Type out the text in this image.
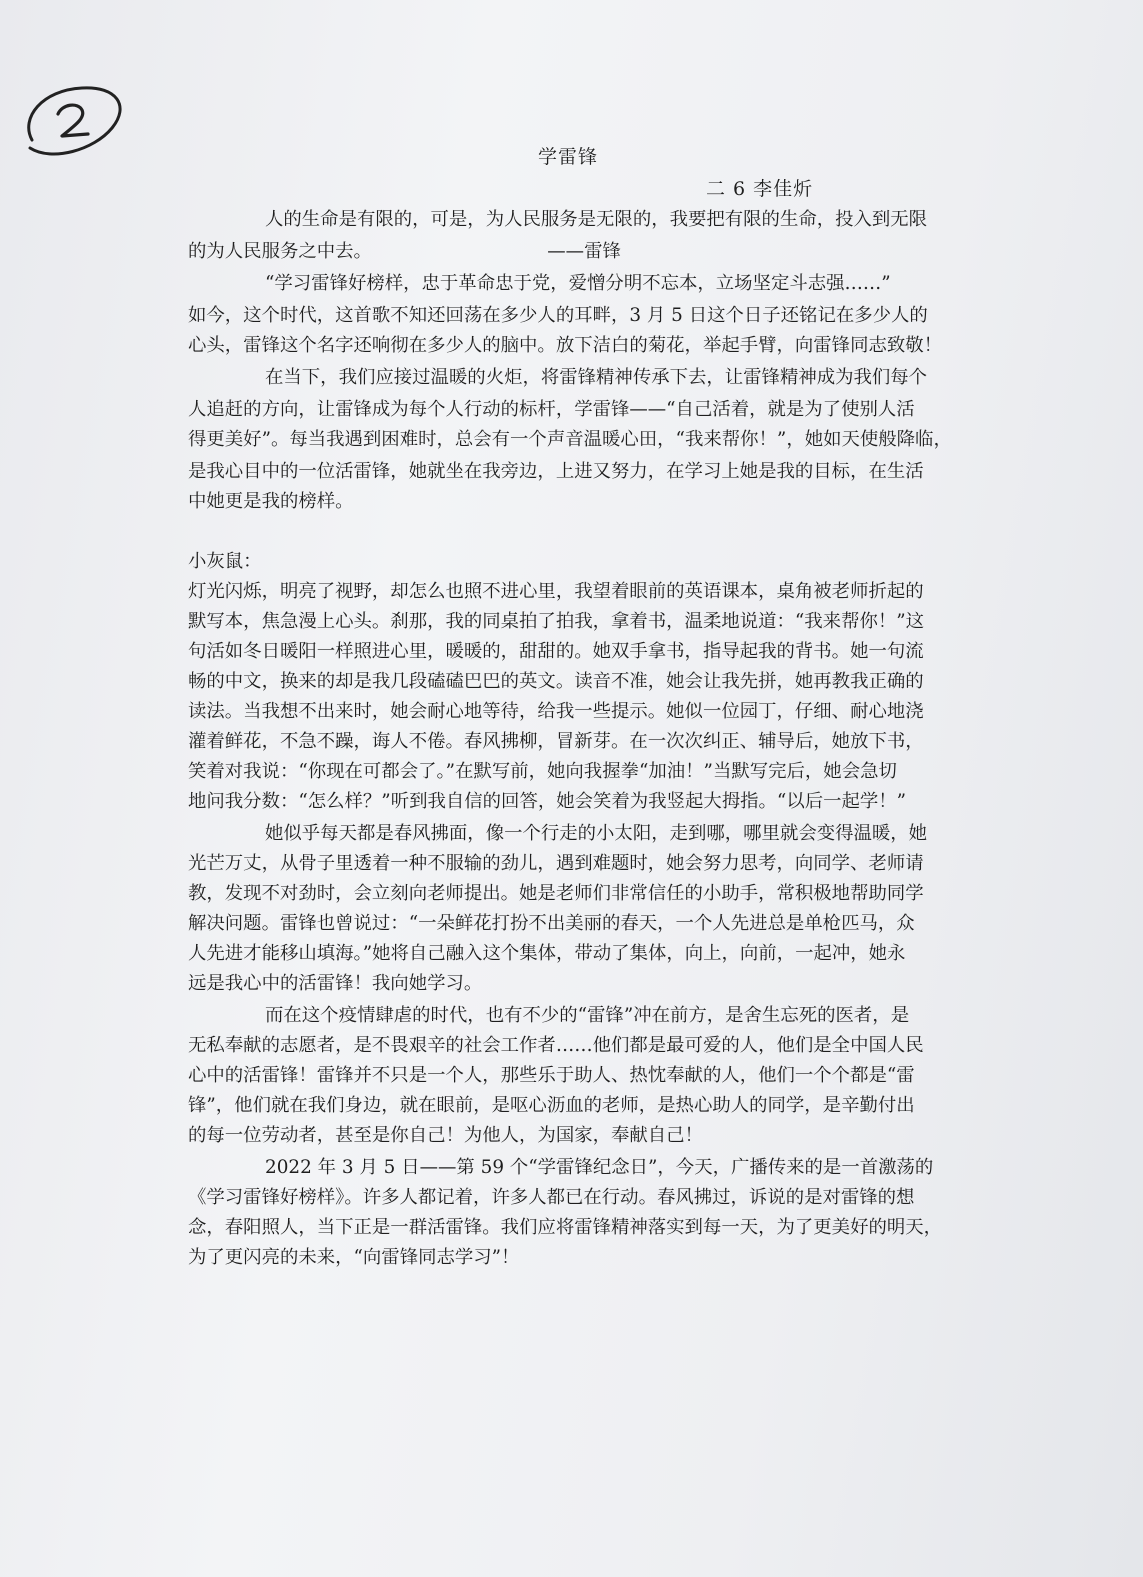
学雷锋
二 6 李佳炘
人的生命是有限的，可是，为人民服务是无限的，我要把有限的生命，投入到无限
的为人民服务之中去。                              ——雷锋
“学习雷锋好榜样，忠于革命忠于党，爱憎分明不忘本，立场坚定斗志强……”
如今，这个时代，这首歌不知还回荡在多少人的耳畔，3 月 5 日这个日子还铭记在多少人的
心头，雷锋这个名字还响彻在多少人的脑中。放下洁白的菊花，举起手臂，向雷锋同志致敬！
在当下，我们应接过温暖的火炬，将雷锋精神传承下去，让雷锋精神成为我们每个
人追赶的方向，让雷锋成为每个人行动的标杆，学雷锋——“自己活着，就是为了使别人活
得更美好”。每当我遇到困难时，总会有一个声音温暖心田，“我来帮你！”，她如天使般降临，
是我心目中的一位活雷锋，她就坐在我旁边，上进又努力，在学习上她是我的目标，在生活
中她更是我的榜样。
小灰鼠：
灯光闪烁，明亮了视野，却怎么也照不进心里，我望着眼前的英语课本，桌角被老师折起的
默写本，焦急漫上心头。刹那，我的同桌拍了拍我，拿着书，温柔地说道：“我来帮你！”这
句活如冬日暖阳一样照进心里，暖暖的，甜甜的。她双手拿书，指导起我的背书。她一句流
畅的中文，换来的却是我几段磕磕巴巴的英文。读音不准，她会让我先拼，她再教我正确的
读法。当我想不出来时，她会耐心地等待，给我一些提示。她似一位园丁，仔细、耐心地浇
灌着鲜花，不急不躁，诲人不倦。春风拂柳，冒新芽。在一次次纠正、辅导后，她放下书，
笑着对我说：“你现在可都会了。”在默写前，她向我握拳“加油！”当默写完后，她会急切
地问我分数：“怎么样？”听到我自信的回答，她会笑着为我竖起大拇指。“以后一起学！”
她似乎每天都是春风拂面，像一个行走的小太阳，走到哪，哪里就会变得温暖，她
光芒万丈，从骨子里透着一种不服输的劲儿，遇到难题时，她会努力思考，向同学、老师请
教，发现不对劲时，会立刻向老师提出。她是老师们非常信任的小助手，常积极地帮助同学
解决问题。雷锋也曾说过：“一朵鲜花打扮不出美丽的春天，一个人先进总是单枪匹马，众
人先进才能移山填海。”她将自己融入这个集体，带动了集体，向上，向前，一起冲，她永
远是我心中的活雷锋！我向她学习。
而在这个疫情肆虐的时代，也有不少的“雷锋”冲在前方，是舍生忘死的医者，是
无私奉献的志愿者，是不畏艰辛的社会工作者……他们都是最可爱的人，他们是全中国人民
心中的活雷锋！雷锋并不只是一个人，那些乐于助人、热忱奉献的人，他们一个个都是“雷
锋”，他们就在我们身边，就在眼前，是呕心沥血的老师，是热心助人的同学，是辛勤付出
的每一位劳动者，甚至是你自己！为他人，为国家，奉献自己！
2022 年 3 月 5 日——第 59 个“学雷锋纪念日”，今天，广播传来的是一首激荡的
《学习雷锋好榜样》。许多人都记着，许多人都已在行动。春风拂过，诉说的是对雷锋的想
念，春阳照人，当下正是一群活雷锋。我们应将雷锋精神落实到每一天，为了更美好的明天，
为了更闪亮的未来，“向雷锋同志学习”！
